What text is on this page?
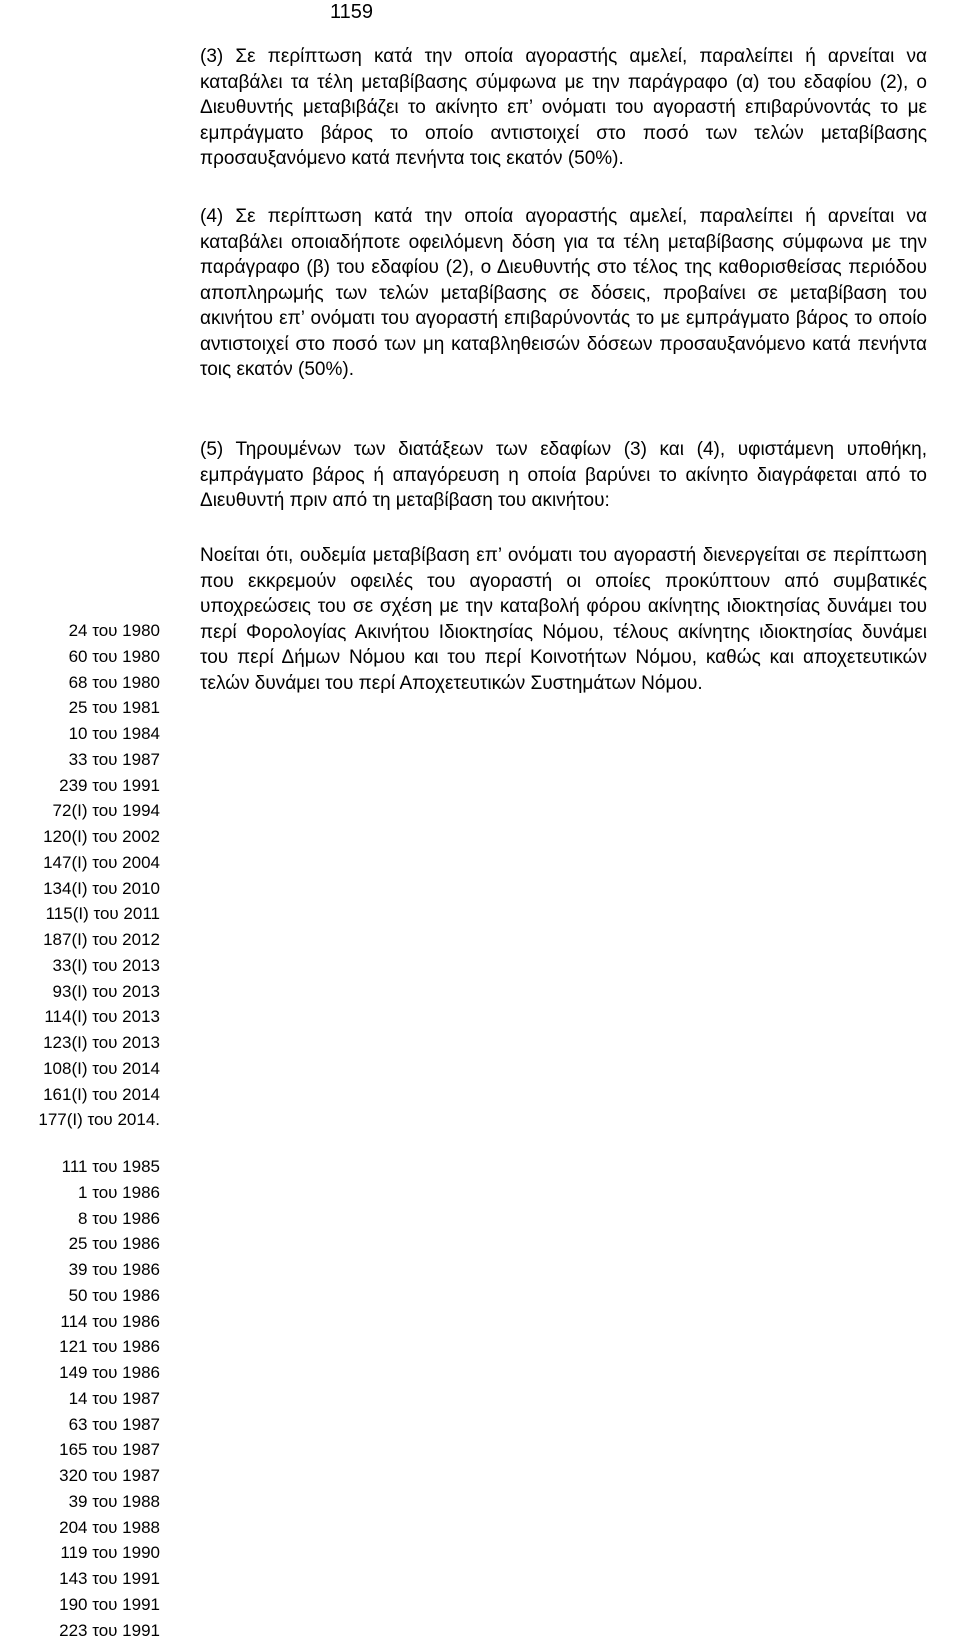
1159

(3) Σε περίπτωση κατά την οποία αγοραστής αμελεί, παραλείπει ή αρνείται να καταβάλει τα τέλη μεταβίβασης σύμφωνα με την παράγραφο (α) του εδαφίου (2), ο Διευθυντής μεταβιβάζει το ακίνητο επ’ ονόματι του αγοραστή επιβαρύνοντάς το με εμπράγματο βάρος το οποίο αντιστοιχεί στο ποσό των τελών μεταβίβασης προσαυξανόμενο κατά πενήντα τοις εκατόν (50%).

(4) Σε περίπτωση κατά την οποία αγοραστής αμελεί, παραλείπει ή αρνείται να καταβάλει οποιαδήποτε οφειλόμενη δόση για τα τέλη μεταβίβασης σύμφωνα με την παράγραφο (β) του εδαφίου (2), ο Διευθυντής στο τέλος της καθορισθείσας περιόδου αποπληρωμής των τελών μεταβίβασης σε δόσεις, προβαίνει σε μεταβίβαση του ακινήτου επ’ ονόματι του αγοραστή επιβαρύνοντάς το με εμπράγματο βάρος το οποίο αντιστοιχεί στο ποσό των μη καταβληθεισών δόσεων προσαυξανόμενο κατά πενήντα τοις εκατόν (50%).

(5) Τηρουμένων των διατάξεων των εδαφίων (3) και (4), υφιστάμενη υποθήκη, εμπράγματο βάρος ή απαγόρευση η οποία βαρύνει το ακίνητο διαγράφεται από το Διευθυντή πριν από τη μεταβίβαση του ακινήτου:

Νοείται ότι, ουδεμία μεταβίβαση επ’ ονόματι του αγοραστή διενεργείται σε περίπτωση που εκκρεμούν οφειλές του αγοραστή οι οποίες προκύπτουν από συμβατικές υποχρεώσεις του σε σχέση με την καταβολή φόρου ακίνητης ιδιοκτησίας δυνάμει του περί Φορολογίας Ακινήτου Ιδιοκτησίας Νόμου, τέλους ακίνητης ιδιοκτησίας δυνάμει του περί Δήμων Νόμου και του περί Κοινοτήτων Νόμου, καθώς και αποχετευτικών τελών δυνάμει του περί Αποχετευτικών Συστημάτων Νόμου.

24 του 1980
60 του 1980
68 του 1980
25 του 1981
10 του 1984
33 του 1987
239 του 1991
72(I) του 1994
120(I) του 2002
147(I) του 2004
134(I) του 2010
115(I) του 2011
187(I) του 2012
33(I) του 2013
93(I) του 2013
114(I) του 2013
123(I) του 2013
108(I) του 2014
161(I) του 2014
177(I) του 2014.
111 του 1985
1 του 1986
8 του 1986
25 του 1986
39 του 1986
50 του 1986
114 του 1986
121 του 1986
149 του 1986
14 του 1987
63 του 1987
165 του 1987
320 του 1987
39 του 1988
204 του 1988
119 του 1990
143 του 1991
190 του 1991
223 του 1991
